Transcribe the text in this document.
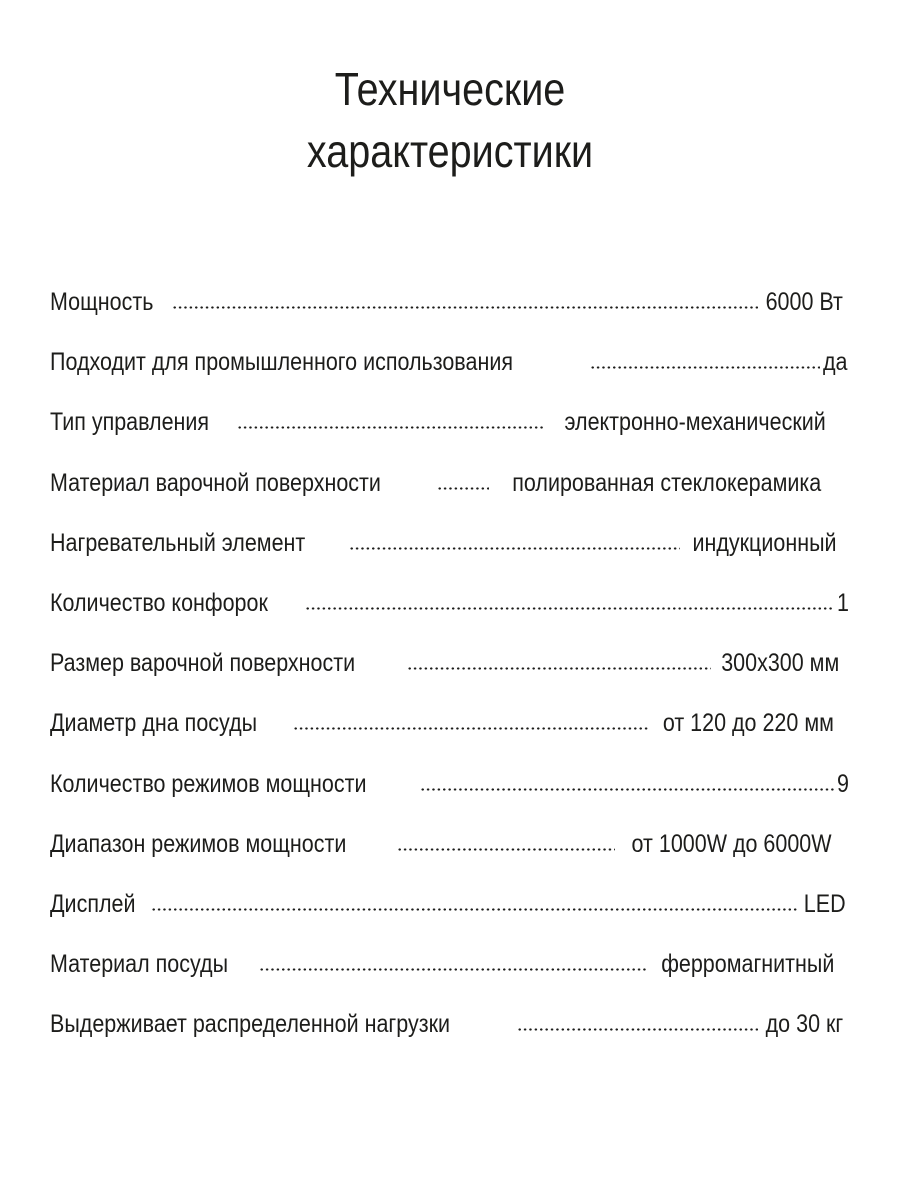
Технические
характеристики
Мощность	6000 Вт
Подходит для промышленного использования	да
Тип управления	электронно-механический
Материал варочной поверхности	полированная стеклокерамика
Нагревательный элемент	индукционный
Количество конфорок	1
Размер варочной поверхности	300х300 мм
Диаметр дна посуды	от 120 до 220 мм
Количество режимов мощности	9
Диапазон режимов мощности	от 1000W до 6000W
Дисплей	LED
Материал посуды	ферромагнитный
Выдерживает распределенной нагрузки	до 30 кг
